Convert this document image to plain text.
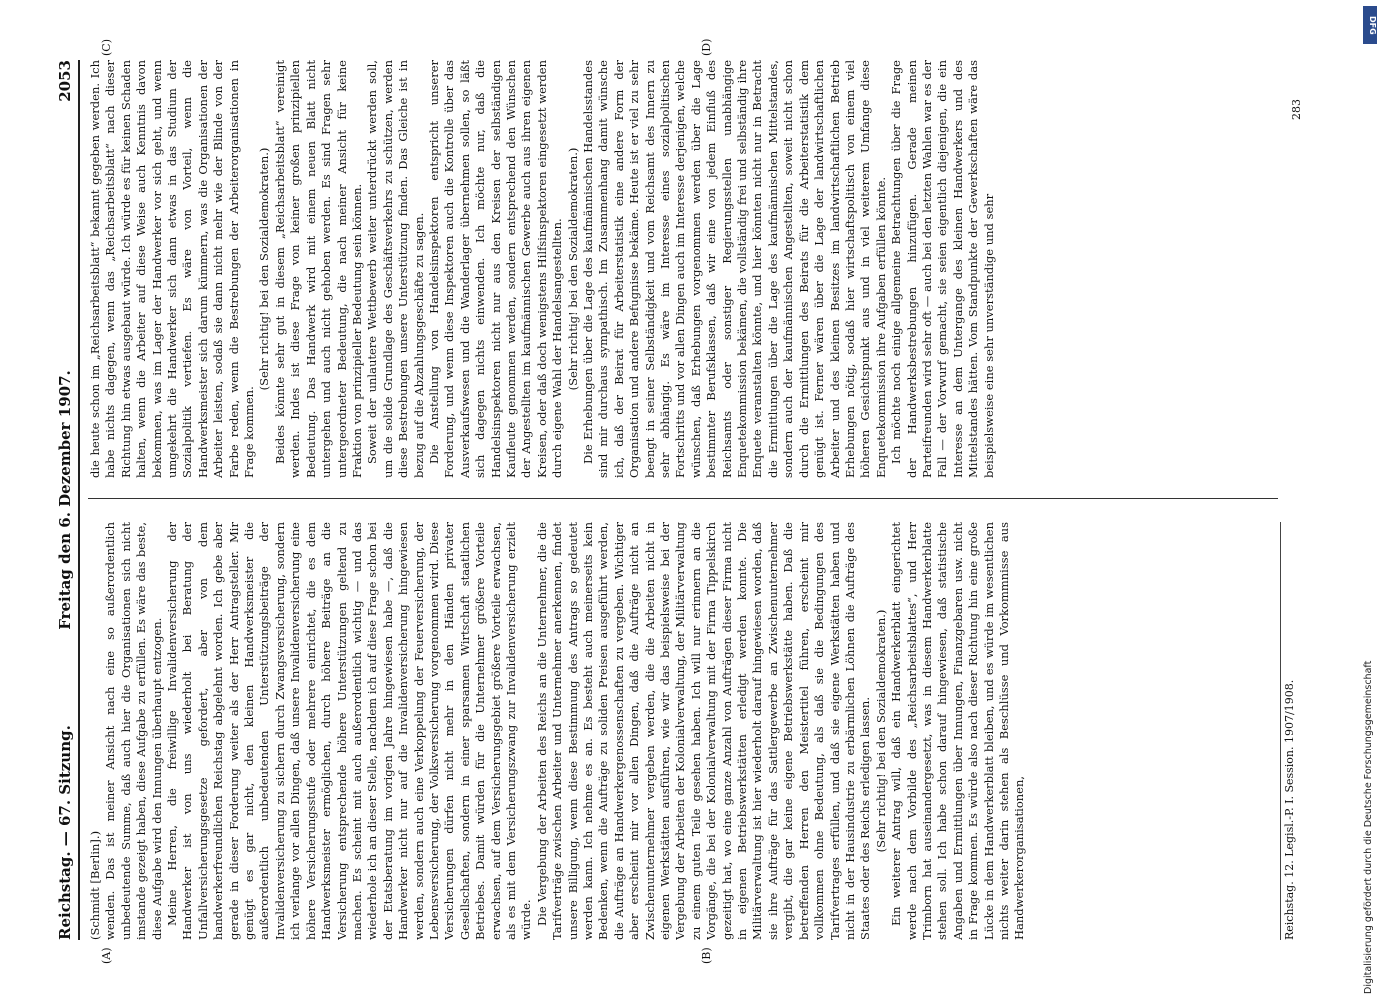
Reichstag. — 67. Sitzung.
Freitag den 6. Dezember 1907.
2053
(A)	(B)
(C)	(D)

(Schmidt [Berlin].) wenden. Das ist meiner Ansicht nach eine so außerordentlich unbedeutende Summe, daß auch hier die Organisationen sich nicht imstande gezeigt haben, diese Aufgabe zu erfüllen. Es wäre das beste, diese Aufgabe wird den Innungen überhaupt entzogen. Meine Herren, die freiwillige Invalidenversicherung der Handwerker ist von uns wiederholt bei Beratung der Unfallversicherungsgesetze gefordert, aber von dem handwerkerfreundlichen Reichstag abgelehnt worden. Ich gebe aber gerade in dieser Forderung weiter als der Herr Antragsteller. Mir genügt es gar nicht, den kleinen Handwerksmeister die außerordentlich unbedeutenden Unterstützungsbeiträge der Invalidenversicherung zu sichern durch Zwangsversicherung, sondern ich verlange vor allen Dingen, daß unsere Invalidenversicherung eine höhere Versicherungsstufe oder mehrere einrichtet, die es dem Handwerksmeister ermöglichen, durch höhere Beiträge an die Versicherung entsprechende höhere Unterstützungen geltend zu machen. Es scheint mit auch außerordentlich wichtig — und das wiederhole ich an dieser Stelle, nachdem ich auf diese Frage schon bei der Etatsberatung im vorigen Jahre hingewiesen habe —, daß die Handwerker nicht nur auf die Invalidenversicherung hingewiesen werden, sondern auch eine Verkoppelung der Feuerversicherung, der Lebensversicherung, der Volksversicherung vorgenommen wird. Diese Versicherungen dürfen nicht mehr in den Händen privater Gesellschaften, sondern in einer sparsamen Wirtschaft staatlichen Betriebes. Damit würden für die Unternehmer größere Vorteile erwachsen, auf dem Versicherungsgebiet größere Vorteile erwachsen, als es mit dem Versicherungszwang zur Invalidenversicherung erzielt würde. Die Vergebung der Arbeiten des Reichs an die Unternehmer, die die Tarifverträge zwischen Arbeiter und Unternehmer anerkennen, findet unsere Billigung, wenn diese Bestimmung des Antrags so gedeutet werden kann. Ich nehme es an. Es besteht auch meinerseits kein Bedenken, wenn die Aufträge zu soliden Preisen ausgeführt werden, die Aufträge an Handwerkergenossenschaften zu vergeben. Wichtiger aber erscheint mir vor allen Dingen, daß die Aufträge nicht an Zwischenunternehmer vergeben werden, die die Arbeiten nicht in eigenen Werkstätten ausführen, wie wir das beispielsweise bei der Vergebung der Arbeiten der Kolonialverwaltung, der Militärverwaltung zu einem guten Teile gesehen haben. Ich will nur erinnern an die Vorgänge, die bei der Kolonialverwaltung mit der Firma Tippelskirch gezeitigt hat, wo eine ganze Anzahl von Aufträgen dieser Firma nicht in eigenen Betriebswerkstätten erledigt werden konnte. Die Militärverwaltung ist hier wiederholt darauf hingewiesen worden, daß sie ihre Aufträge für das Sattlergewerbe an Zwischenunternehmer vergibt, die gar keine eigene Betriebswerkstätte haben. Daß die betreffenden Herren den Meistertitel führen, erscheint mir vollkommen ohne Bedeutung, als daß sie die Bedingungen des Tarifvertrages erfüllen, und daß sie eigene Werkstätten haben und nicht in der Hausindustrie zu erbärmlichen Löhnen die Aufträge des Staates oder des Reichs erledigen lassen. (Sehr richtig! bei den Sozialdemokraten.) Ein weiterer Antrag will, daß ein Handwerkerblatt eingerichtet werde nach dem Vorbilde des „Reichsarbeitsblattes“, und Herr Trimborn hat auseinandergesetzt, was in diesem Handwerkerblatte stehen soll. Ich habe schon darauf hingewiesen, daß statistische Angaben und Ermittlungen über Innungen, Finanzgebaren usw. nicht in Frage kommen. Es würde also nach dieser Richtung hin eine große Lücke in dem Handwerkerblatt bleiben, und es würde im wesentlichen nichts weiter darin stehen als Beschlüsse und Vorkommnisse aus Handwerkerorganisationen,

die heute schon im „Reichsarbeitsblatt“ bekannt gegeben werden. Ich habe nichts dagegen, wenn das „Reichsarbeitsblatt“ nach dieser Richtung hin etwas ausgebaut würde. Ich würde es für keinen Schaden halten, wenn die Arbeiter auf diese Weise auch Kenntnis davon bekommen, was im Lager der Handwerker vor sich geht, und wenn umgekehrt die Handwerker sich dann etwas in das Studium der Sozialpolitik vertiefen. Es wäre von Vorteil, wenn die Handwerksmeister sich darum kümmern, was die Organisationen der Arbeiter leisten, sodaß sie dann nicht mehr wie der Blinde von der Farbe reden, wenn die Bestrebungen der Arbeiterorganisationen in Frage kommen.

(Sehr richtig! bei den Sozialdemokraten.) Beides könnte sehr gut in diesem „Reichsarbeitsblatt“ vereinigt werden. Indes ist diese Frage von keiner großen prinzipiellen Bedeutung. Das Handwerk wird mit einem neuen Blatt nicht untergehen und auch nicht gehoben werden. Es sind Fragen sehr untergeordneter Bedeutung, die nach meiner Ansicht für keine Fraktion von prinzipieller Bedeutung sein können. Soweit der unlautere Wettbewerb weiter unterdrückt werden soll, um die solide Grundlage des Geschäftsverkehrs zu schützen, werden diese Bestrebungen unsere Unterstützung finden. Das Gleiche ist in bezug auf die Abzahlungsgeschäfte zu sagen. Die Anstellung von Handelsinspektoren entspricht unserer Forderung, und wenn diese Inspektoren auch die Kontrolle über das Ausverkaufswesen und die Wanderlager übernehmen sollen, so läßt sich dagegen nichts einwenden. Ich möchte nur, daß die Handelsinspektoren nicht nur aus den Kreisen der selbständigen Kaufleute genommen werden, sondern entsprechend den Wünschen der Angestellten im kaufmännischen Gewerbe auch aus ihren eigenen Kreisen, oder daß doch wenigstens Hilfsinspektoren eingesetzt werden durch eigene Wahl der Handelsangestellten. (Sehr richtig! bei den Sozialdemokraten.) Die Erhebungen über die Lage des kaufmännischen Handelsstandes sind mir durchaus sympathisch. Im Zusammenhang damit wünsche ich, daß der Beirat für Arbeiterstatistik eine andere Form der Organisation und andere Befugnisse bekäme. Heute ist er viel zu sehr beengt in seiner Selbständigkeit und vom Reichsamt des Innern zu sehr abhängig. Es wäre im Interesse eines sozialpolitischen Fortschritts und vor allen Dingen auch im Interesse derjenigen, welche wünschen, daß Erhebungen vorgenommen werden über die Lage bestimmter Berufsklassen, daß wir eine von jedem Einfluß des Reichsamts oder sonstiger Regierungsstellen unabhängige Enquetekommission bekämen, die vollständig frei und selbständig ihre Enquete veranstalten könnte, und hier könnten nicht nur in Betracht die Ermittlungen über die Lage des kaufmännischen Mittelstandes, sondern auch der kaufmännischen Angestellten, soweit nicht schon durch die Ermittlungen des Beirats für die Arbeiterstatistik dem genügt ist. Ferner wären über die Lage der landwirtschaftlichen Arbeiter und des kleinen Besitzes im landwirtschaftlichen Betrieb Erhebungen nötig, sodaß hier wirtschaftspolitisch von einem viel höheren Gesichtspunkt aus und in viel weiterem Umfange diese Enquetekommission ihre Aufgaben erfüllen könnte. Ich möchte noch einige allgemeine Betrachtungen über die Frage der Handwerksbestrebungen hinzufügen. Gerade meinen Parteifreunden wird sehr oft — auch bei den letzten Wahlen war es der Fall — der Vorwurf gemacht, sie seien eigentlich diejenigen, die ein Interesse an dem Untergange des kleinen Handwerkers und des Mittelstandes hätten. Vom Standpunkte der Gewerkschaften wäre das beispielsweise eine sehr unverständige und sehr

Reichstag. 12. Legisl.-P. I. Session. 1907/1908.
283
Digitalisierung gefördert durch die Deutsche Forschungsgemeinschaft
DFG
